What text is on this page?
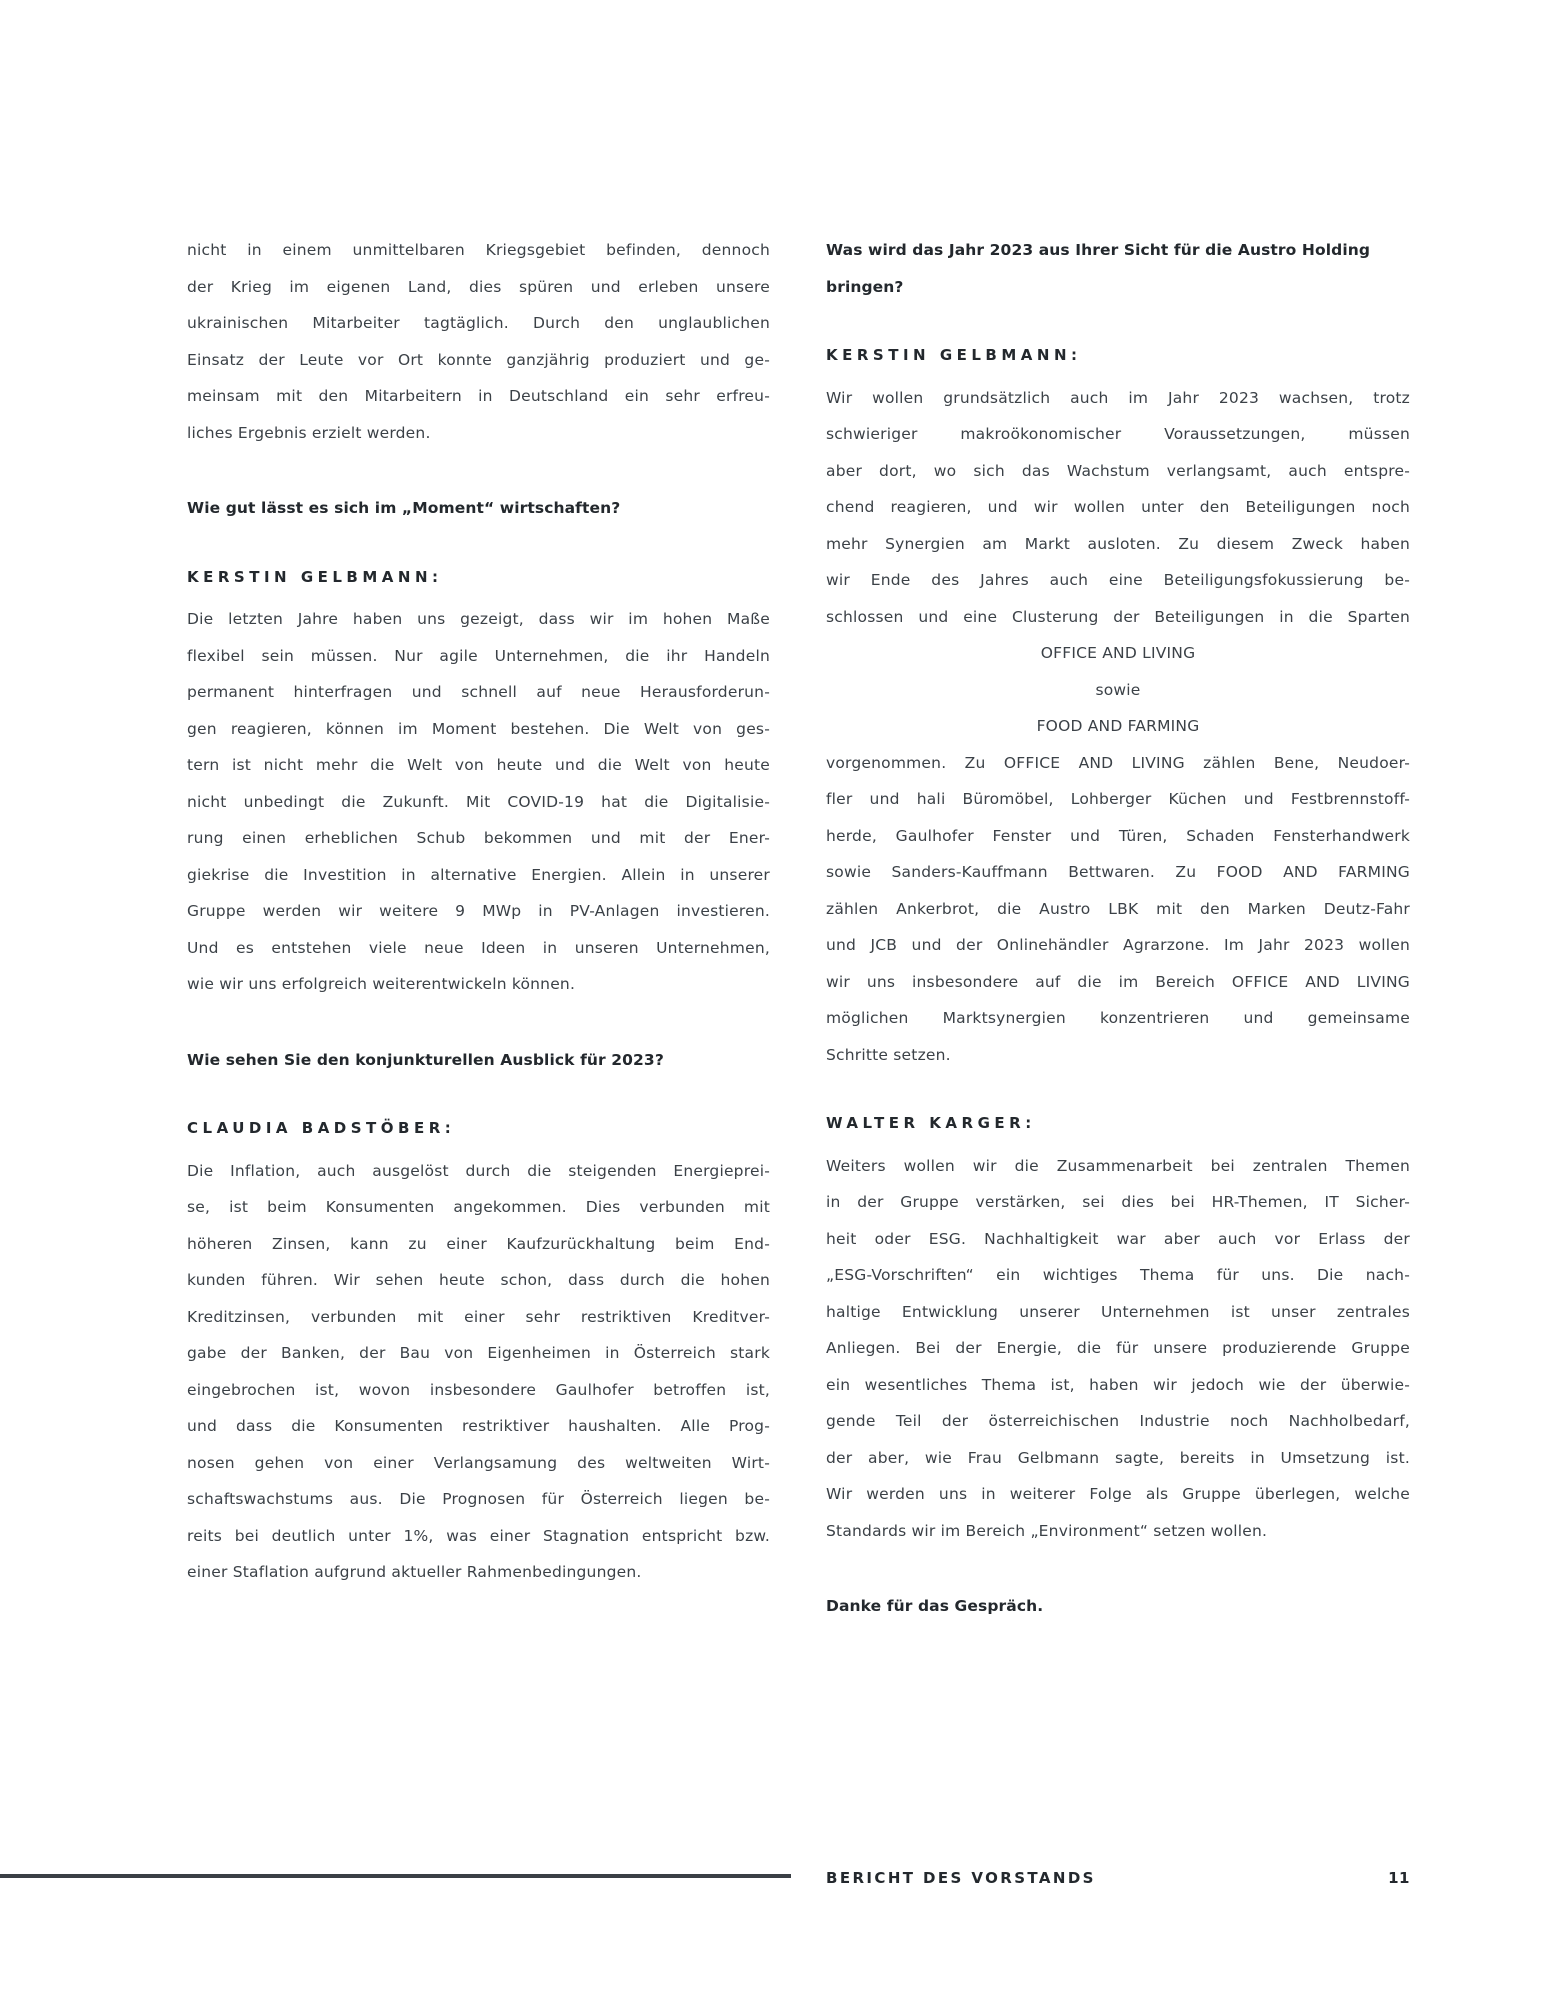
nicht in einem unmittelbaren Kriegsgebiet befinden, dennoch
der Krieg im eigenen Land, dies spüren und erleben unsere
ukrainischen Mitarbeiter tagtäglich. Durch den unglaublichen
Einsatz der Leute vor Ort konnte ganzjährig produziert und ge-
meinsam mit den Mitarbeitern in Deutschland ein sehr erfreu-
liches Ergebnis erzielt werden.
Wie gut lässt es sich im „Moment“ wirtschaften?
KERSTIN GELBMANN:
Die letzten Jahre haben uns gezeigt, dass wir im hohen Maße
flexibel sein müssen. Nur agile Unternehmen, die ihr Handeln
permanent hinterfragen und schnell auf neue Herausforderun-
gen reagieren, können im Moment bestehen. Die Welt von ges-
tern ist nicht mehr die Welt von heute und die Welt von heute
nicht unbedingt die Zukunft. Mit COVID-19 hat die Digitalisie-
rung einen erheblichen Schub bekommen und mit der Ener-
giekrise die Investition in alternative Energien. Allein in unserer
Gruppe werden wir weitere 9 MWp in PV-Anlagen investieren.
Und es entstehen viele neue Ideen in unseren Unternehmen,
wie wir uns erfolgreich weiterentwickeln können.
Wie sehen Sie den konjunkturellen Ausblick für 2023?
CLAUDIA BADSTÖBER:
Die Inflation, auch ausgelöst durch die steigenden Energieprei-
se, ist beim Konsumenten angekommen. Dies verbunden mit
höheren Zinsen, kann zu einer Kaufzurückhaltung beim End-
kunden führen. Wir sehen heute schon, dass durch die hohen
Kreditzinsen, verbunden mit einer sehr restriktiven Kreditver-
gabe der Banken, der Bau von Eigenheimen in Österreich stark
eingebrochen ist, wovon insbesondere Gaulhofer betroffen ist,
und dass die Konsumenten restriktiver haushalten. Alle Prog-
nosen gehen von einer Verlangsamung des weltweiten Wirt-
schaftswachstums aus. Die Prognosen für Österreich liegen be-
reits bei deutlich unter 1%, was einer Stagnation entspricht bzw.
einer Staflation aufgrund aktueller Rahmenbedingungen.
Was wird das Jahr 2023 aus Ihrer Sicht für die Austro Holding
bringen?
KERSTIN GELBMANN:
Wir wollen grundsätzlich auch im Jahr 2023 wachsen, trotz
schwieriger makroökonomischer Voraussetzungen, müssen
aber dort, wo sich das Wachstum verlangsamt, auch entspre-
chend reagieren, und wir wollen unter den Beteiligungen noch
mehr Synergien am Markt ausloten. Zu diesem Zweck haben
wir Ende des Jahres auch eine Beteiligungsfokussierung be-
schlossen und eine Clusterung der Beteiligungen in die Sparten
OFFICE AND LIVING
sowie
FOOD AND FARMING
vorgenommen. Zu OFFICE AND LIVING zählen Bene, Neudoer-
fler und hali Büromöbel, Lohberger Küchen und Festbrennstoff-
herde, Gaulhofer Fenster und Türen, Schaden Fensterhandwerk
sowie Sanders-Kauffmann Bettwaren. Zu FOOD AND FARMING
zählen Ankerbrot, die Austro LBK mit den Marken Deutz-Fahr
und JCB und der Onlinehändler Agrarzone. Im Jahr 2023 wollen
wir uns insbesondere auf die im Bereich OFFICE AND LIVING
möglichen Marktsynergien konzentrieren und gemeinsame
Schritte setzen.
WALTER KARGER:
Weiters wollen wir die Zusammenarbeit bei zentralen Themen
in der Gruppe verstärken, sei dies bei HR-Themen, IT Sicher-
heit oder ESG. Nachhaltigkeit war aber auch vor Erlass der
„ESG-Vorschriften“ ein wichtiges Thema für uns. Die nach-
haltige Entwicklung unserer Unternehmen ist unser zentrales
Anliegen. Bei der Energie, die für unsere produzierende Gruppe
ein wesentliches Thema ist, haben wir jedoch wie der überwie-
gende Teil der österreichischen Industrie noch Nachholbedarf,
der aber, wie Frau Gelbmann sagte, bereits in Umsetzung ist.
Wir werden uns in weiterer Folge als Gruppe überlegen, welche
Standards wir im Bereich „Environment“ setzen wollen.
Danke für das Gespräch.
BERICHT DES VORSTANDS	11
